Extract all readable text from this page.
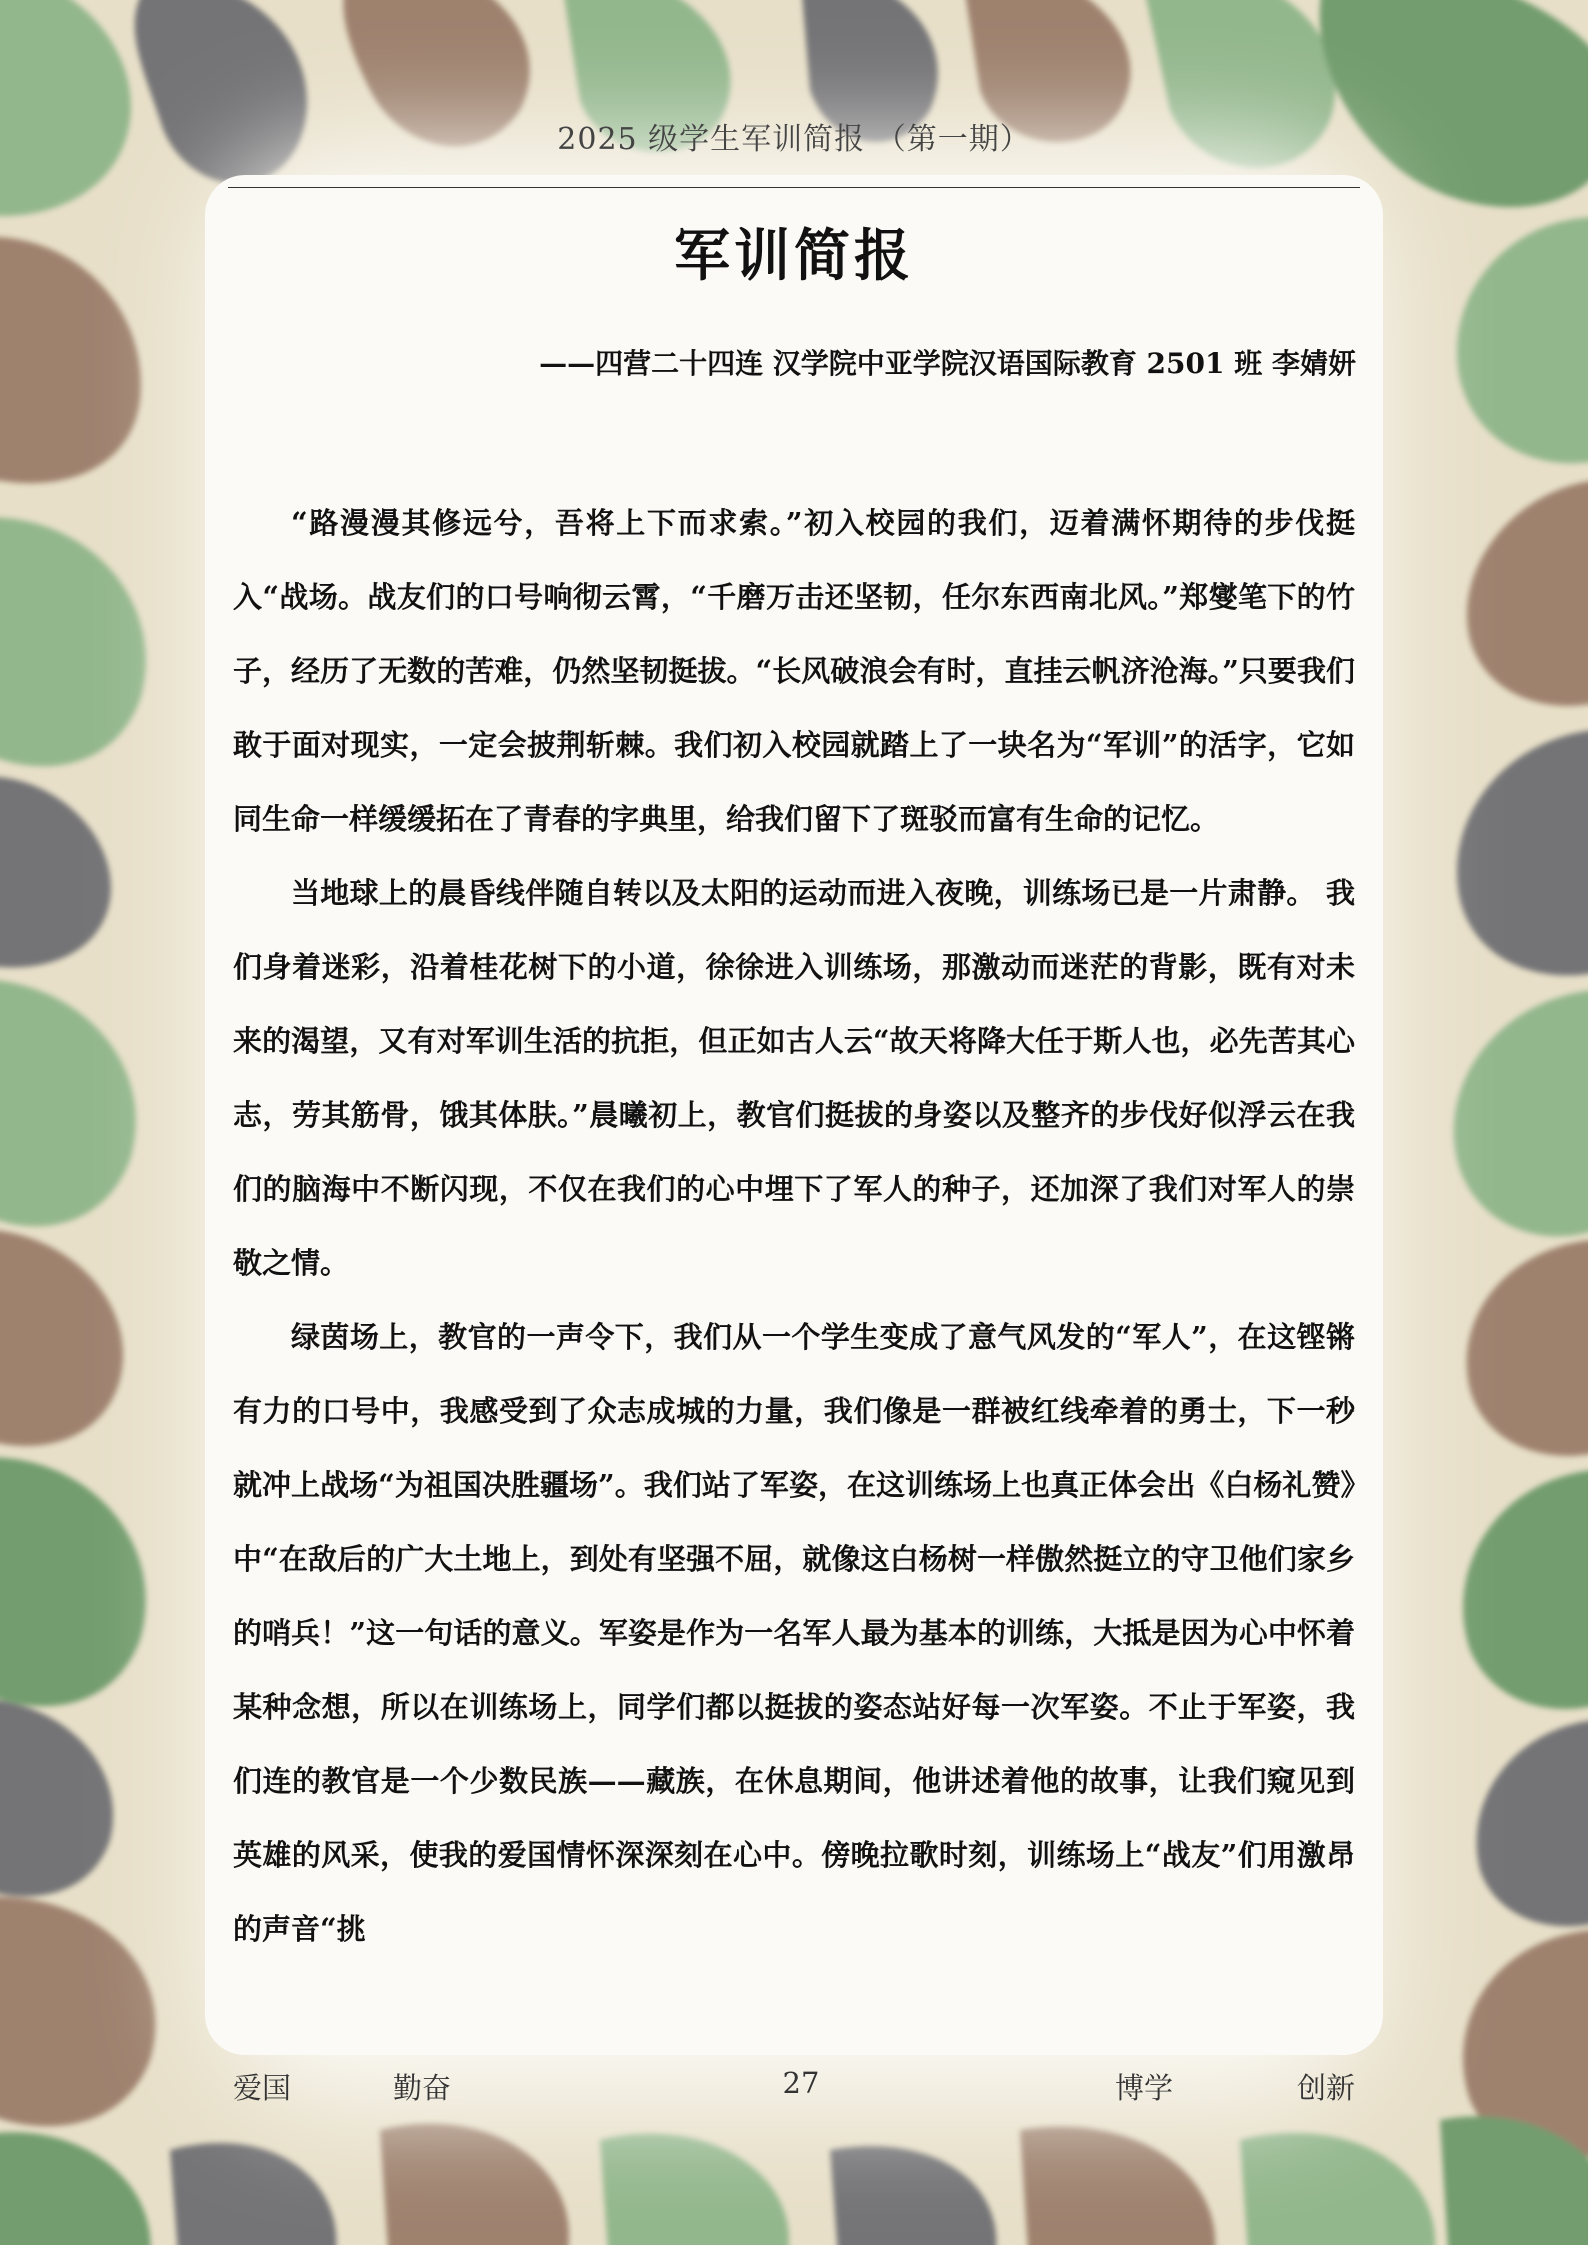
2025 级学生军训简报 （第一期）
军训简报
——四营二十四连 汉学院中亚学院汉语国际教育 2501 班 李婧妍

“路漫漫其修远兮，吾将上下而求索。”初入校园的我们，迈着满怀期待的步伐挺入“战场。战友们的口号响彻云霄，“千磨万击还坚韧，任尔东西南北风。”郑燮笔下的竹子，经历了无数的苦难，仍然坚韧挺拔。“长风破浪会有时，直挂云帆济沧海。”只要我们敢于面对现实，一定会披荆斩棘。我们初入校园就踏上了一块名为“军训”的活字，它如同生命一样缓缓拓在了青春的字典里，给我们留下了斑驳而富有生命的记忆。

当地球上的晨昏线伴随自转以及太阳的运动而进入夜晚，训练场已是一片肃静。 我们身着迷彩，沿着桂花树下的小道，徐徐进入训练场，那激动而迷茫的背影，既有对未来的渴望，又有对军训生活的抗拒，但正如古人云“故天将降大任于斯人也，必先苦其心志，劳其筋骨，饿其体肤。”晨曦初上，教官们挺拔的身姿以及整齐的步伐好似浮云在我们的脑海中不断闪现，不仅在我们的心中埋下了军人的种子，还加深了我们对军人的崇敬之情。

绿茵场上，教官的一声令下，我们从一个学生变成了意气风发的“军人”，在这铿锵有力的口号中，我感受到了众志成城的力量，我们像是一群被红线牵着的勇士，下一秒就冲上战场“为祖国决胜疆场”。我们站了军姿，在这训练场上也真正体会出《白杨礼赞》中“在敌后的广大土地上，到处有坚强不屈，就像这白杨树一样傲然挺立的守卫他们家乡的哨兵！”这一句话的意义。军姿是作为一名军人最为基本的训练，大抵是因为心中怀着某种念想，所以在训练场上，同学们都以挺拔的姿态站好每一次军姿。不止于军姿，我们连的教官是一个少数民族——藏族，在休息期间，他讲述着他的故事，让我们窥见到英雄的风采，使我的爱国情怀深深刻在心中。傍晚拉歌时刻，训练场上“战友”们用激昂的声音“挑

爱国	勤奋	27	博学	创新
